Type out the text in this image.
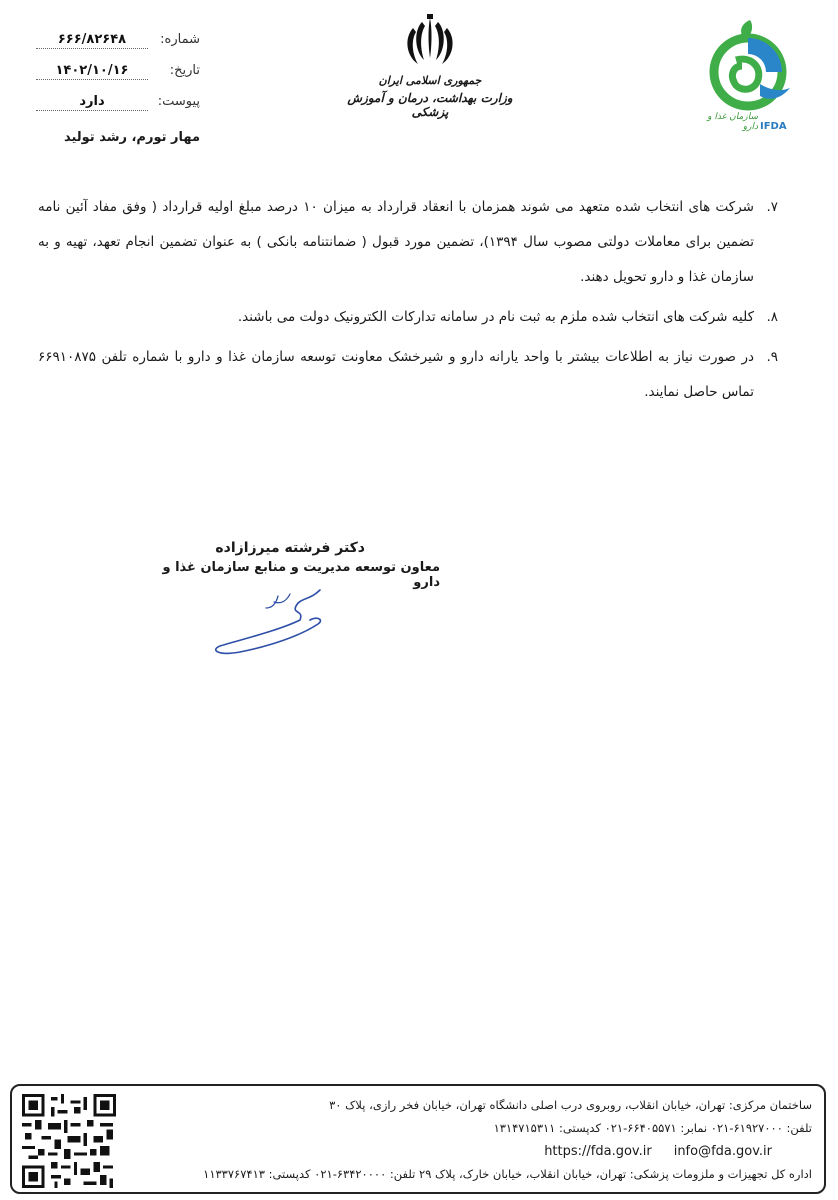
شماره:
۶۶۶/۸۲۶۴۸
تاریخ:
۱۴۰۲/۱۰/۱۶
پیوست:
دارد
مهار تورم، رشد تولید
جمهوری اسلامی ایران
وزارت بهداشت، درمان و آموزش پزشکی	سازمان غذا و دارو IFDA
۷.
شرکت های انتخاب شده متعهد می شوند همزمان با انعقاد قرارداد به میزان ۱۰ درصد مبلغ اولیه قرارداد ( وفق مفاد آئین نامه تضمین برای معاملات دولتی مصوب سال ۱۳۹۴)، تضمین مورد قبول ( ضمانتنامه بانکی ) به عنوان تضمین انجام تعهد، تهیه و به سازمان غذا و دارو تحویل دهند.
۸.
کلیه شرکت های انتخاب شده ملزم به ثبت نام در سامانه تدارکات الکترونیک دولت می باشند.
۹.
در صورت نیاز به اطلاعات بیشتر با واحد یارانه دارو و شیرخشک معاونت توسعه سازمان غذا و دارو با شماره تلفن ۶۶۹۱۰۸۷۵ تماس حاصل نمایند.
دکتر فرشته میرزازاده
معاون توسعه مدیریت و منابع سازمان غذا و دارو
ساختمان مرکزی: تهران، خیابان انقلاب، روبروی درب اصلی دانشگاه تهران، خیابان فخر رازی، پلاک ۳۰
تلفن: ۶۱۹۲۷۰۰۰-۰۲۱ نمابر: ۶۶۴۰۵۵۷۱-۰۲۱ کدپستی: ۱۳۱۴۷۱۵۳۱۱
https://fda.gov.ir info@fda.gov.ir
اداره کل تجهیزات و ملزومات پزشکی: تهران، خیابان انقلاب، خیابان خارک، پلاک ۲۹ تلفن: ۶۳۴۲۰۰۰۰-۰۲۱ کدپستی: ۱۱۳۳۷۶۷۴۱۳
